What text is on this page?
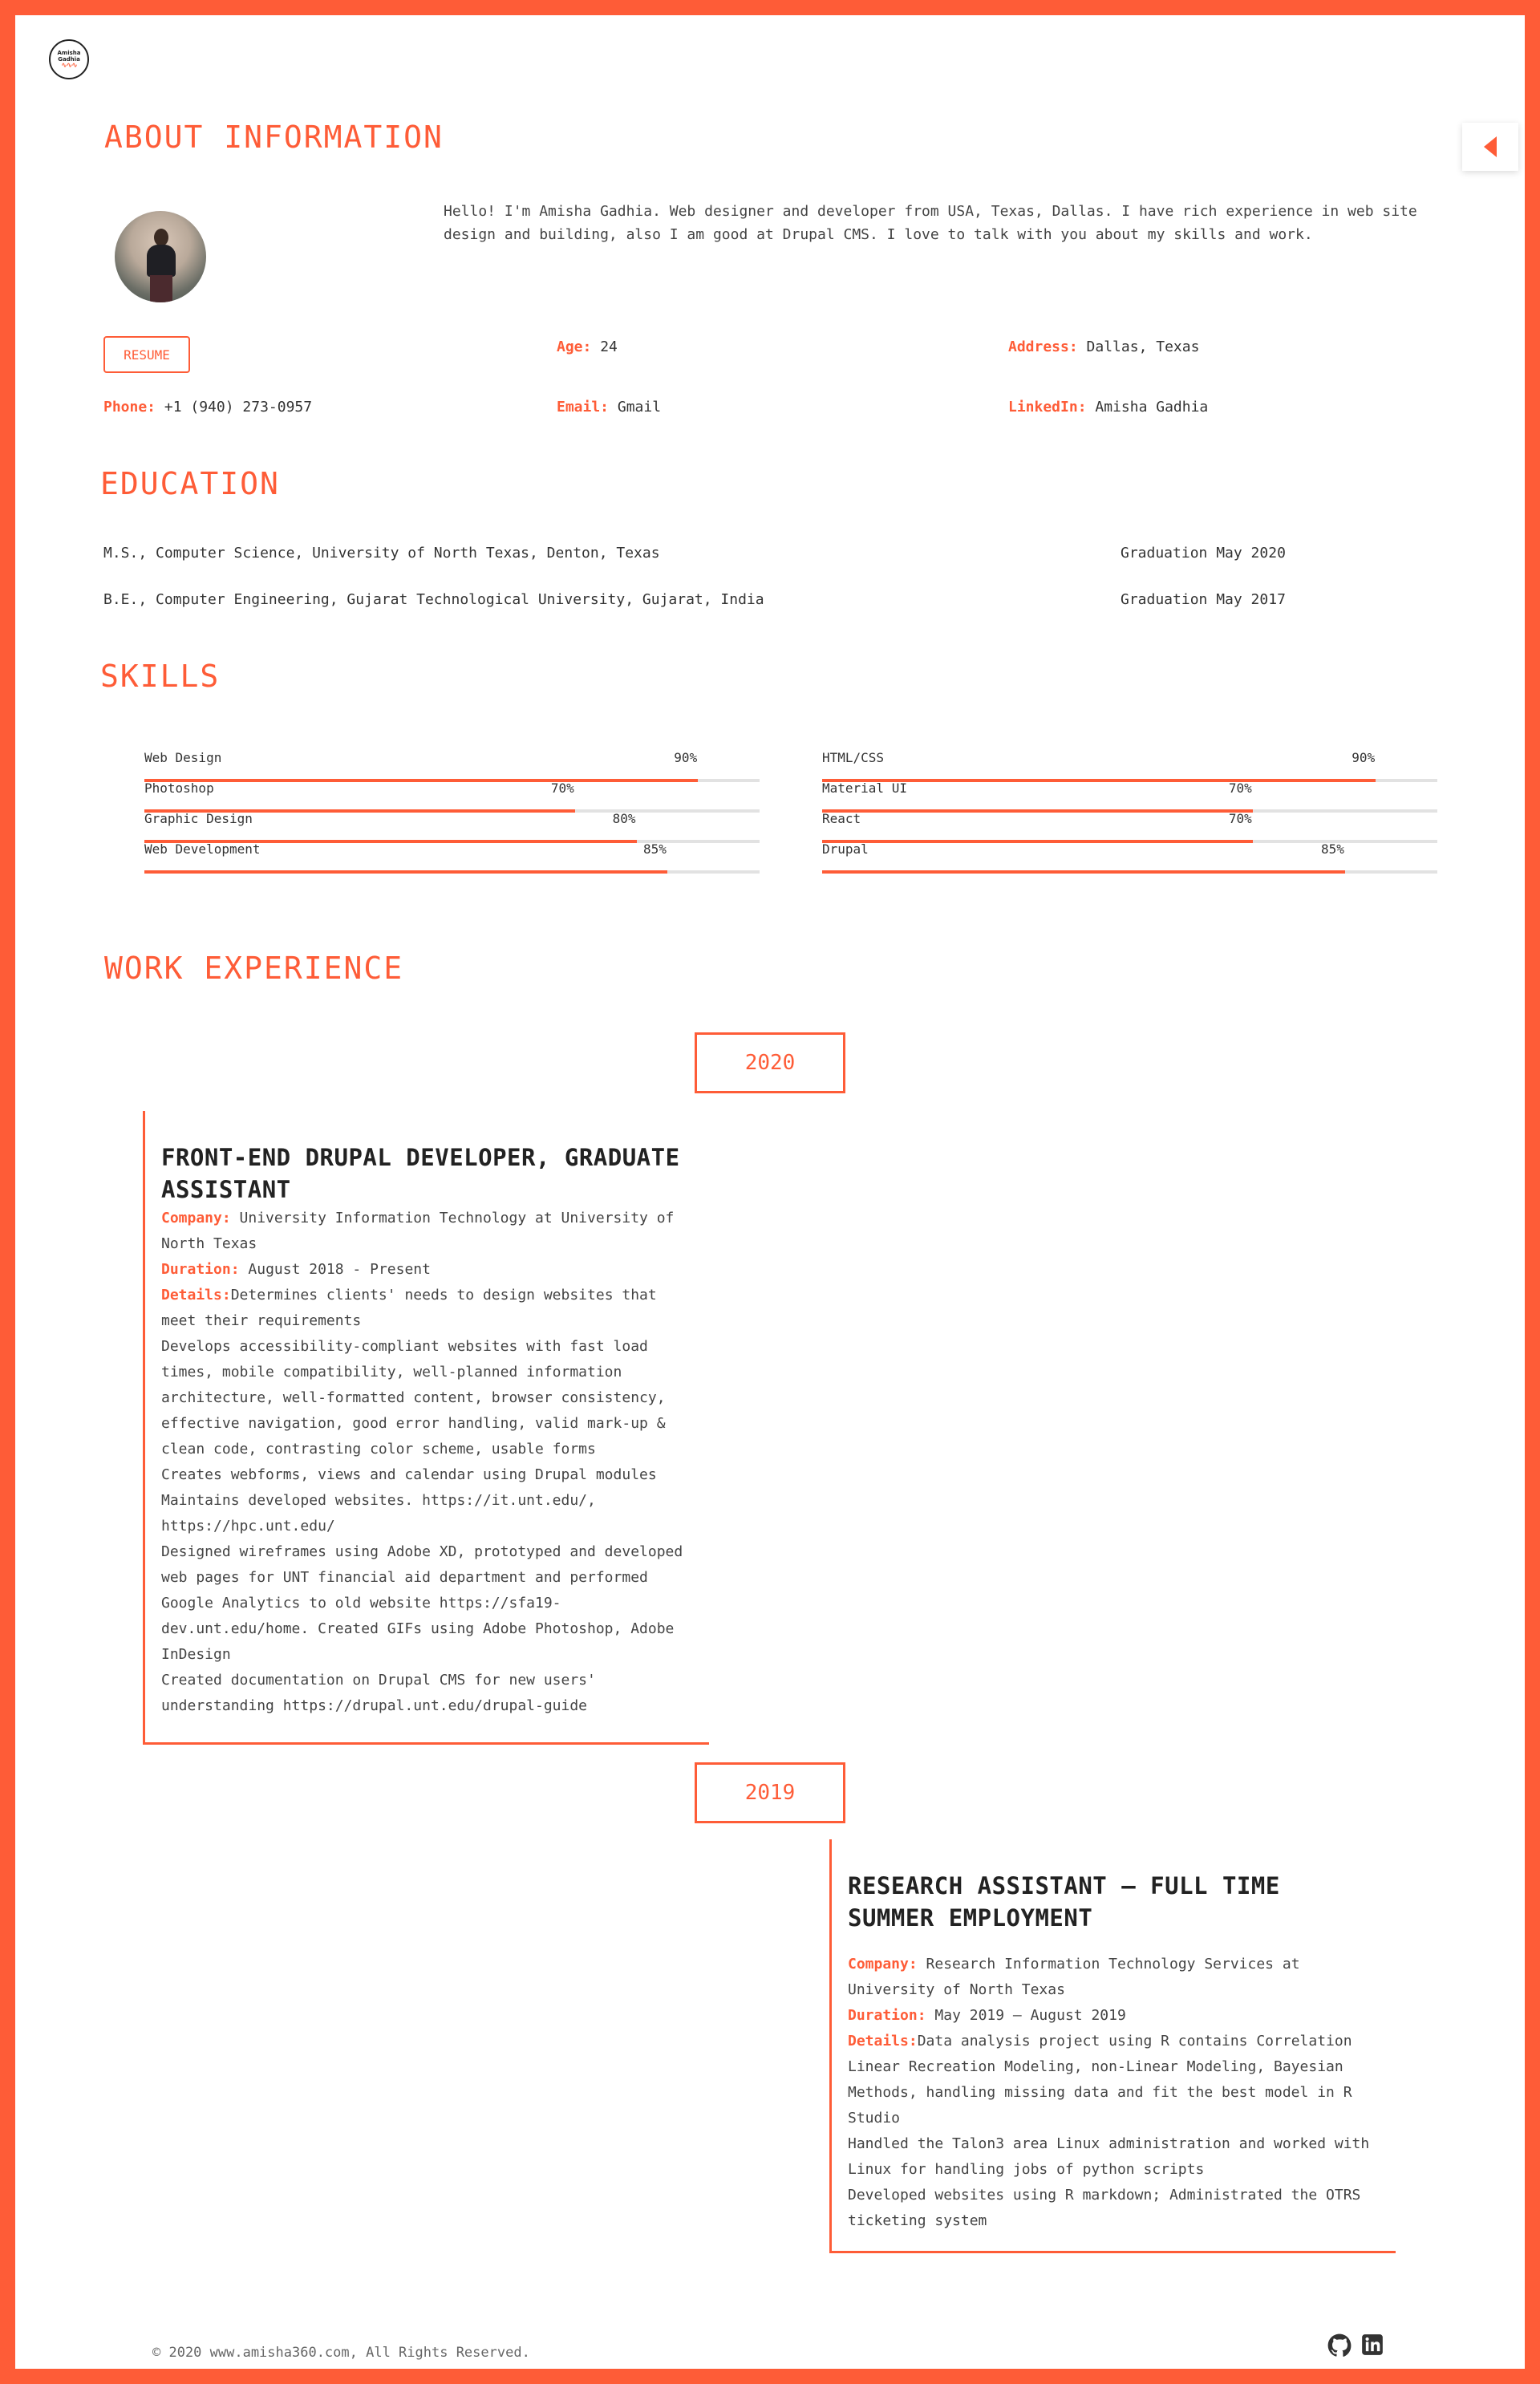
Amisha
Gadhia
∿∿∿
ABOUT INFORMATION

Hello! I'm Amisha Gadhia. Web designer and developer from USA, Texas, Dallas. I have rich experience in web site design and building, also I am good at Drupal CMS. I love to talk with you about my skills and work.

RESUME	Age: 24	Address: Dallas, Texas
Phone: +1 (940) 273-0957	Email: Gmail	LinkedIn: Amisha Gadhia
EDUCATION
M.S., Computer Science, University of North Texas, Denton, Texas	Graduation May 2020
B.E., Computer Engineering, Gujarat Technological University, Gujarat, India	Graduation May 2017
SKILLS
Web Design	90%
Photoshop	70%
Graphic Design	80%
Web Development	85%
HTML/CSS	90%
Material UI	70%
React	70%
Drupal	85%
WORK EXPERIENCE
2020
FRONT-END DRUPAL DEVELOPER, GRADUATE ASSISTANT

Company: University Information Technology at University of North Texas

Duration: August 2018 - Present

Details:Determines clients' needs to design websites that meet their requirements

Develops accessibility-compliant websites with fast load times, mobile compatibility, well-planned information architecture, well-formatted content, browser consistency, effective navigation, good error handling, valid mark-up & clean code, contrasting color scheme, usable forms

Creates webforms, views and calendar using Drupal modules

Maintains developed websites. https://it.unt.edu/, https://hpc.unt.edu/

Designed wireframes using Adobe XD, prototyped and developed web pages for UNT financial aid department and performed Google Analytics to old website https://sfa19-dev.unt.edu/home. Created GIFs using Adobe Photoshop, Adobe InDesign

Created documentation on Drupal CMS for new users' understanding https://drupal.unt.edu/drupal-guide

2019
RESEARCH ASSISTANT — FULL TIME SUMMER EMPLOYMENT

Company: Research Information Technology Services at University of North Texas

Duration: May 2019 — August 2019

Details:Data analysis project using R contains Correlation Linear Recreation Modeling, non-Linear Modeling, Bayesian Methods, handling missing data and fit the best model in R Studio

Handled the Talon3 area Linux administration and worked with Linux for handling jobs of python scripts

Developed websites using R markdown; Administrated the OTRS ticketing system

© 2020 www.amisha360.com, All Rights Reserved.
